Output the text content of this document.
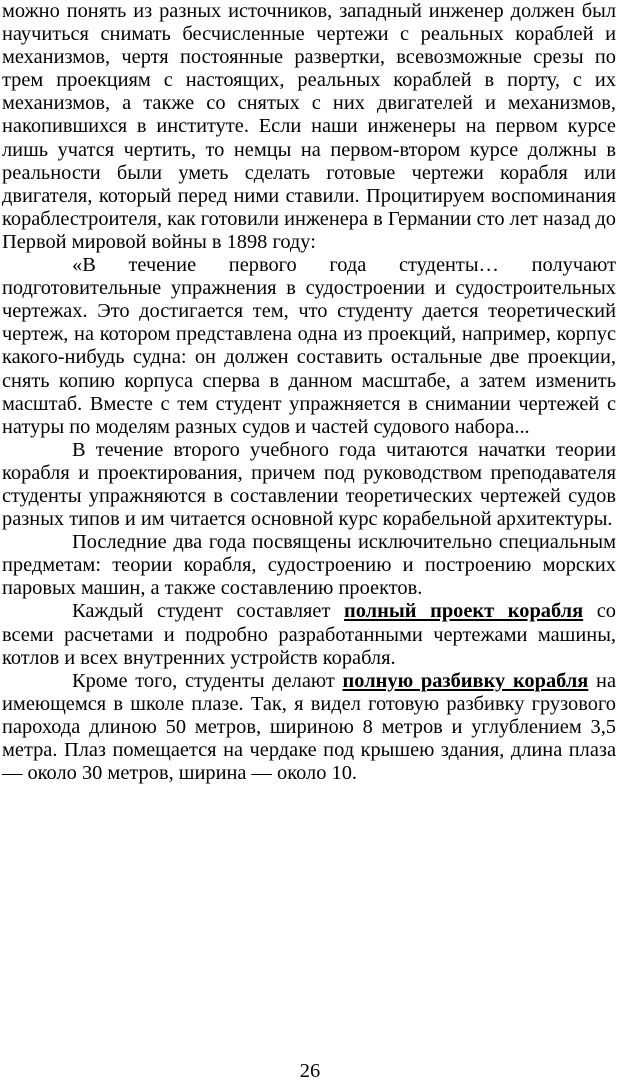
можно понять из разных источников, западный инженер должен был научиться снимать бесчисленные чертежи с реальных кораблей и механизмов, чертя постоянные развертки, всевозможные срезы по трем проекциям с настоящих, реальных кораблей в порту, с их механизмов, а также со снятых с них двигателей и механизмов, накопившихся в институте. Если наши инженеры на первом курсе лишь учатся чертить, то немцы на первом-втором курсе должны в реальности были уметь сделать готовые чертежи корабля или двигателя, который перед ними ставили. Процитируем воспоминания кораблестроителя, как готовили инженера в Германии сто лет назад до Первой мировой войны в 1898 году:

«В течение первого года студенты… получают подготовительные упражнения в судостроении и судостроительных чертежах. Это достигается тем, что студенту дается теоретический чертеж, на котором представлена одна из проекций, например, корпус какого-нибудь судна: он должен составить остальные две проекции, снять копию корпуса сперва в данном масштабе, а затем изменить масштаб. Вместе с тем студент упражняется в снимании чертежей с натуры по моделям разных судов и частей судового набора...

В течение второго учебного года читаются начатки теории корабля и проектирования, причем под руководством преподавателя студенты упражняются в составлении теоретических чертежей судов разных типов и им читается основной курс корабельной архитектуры.

Последние два года посвящены исключительно специальным предметам: теории корабля, судостроению и построению морских паровых машин, а также составлению проектов.

Каждый студент составляет полный проект корабля со всеми расчетами и подробно разработанными чертежами машины, котлов и всех внутренних устройств корабля.

Кроме того, студенты делают полную разбивку корабля на имеющемся в школе плазе. Так, я видел готовую разбивку грузового парохода длиною 50 метров, шириною 8 метров и углублением 3,5 метра. Плаз помещается на чердаке под крышею здания, длина плаза — около 30 метров, ширина — около 10.

26
